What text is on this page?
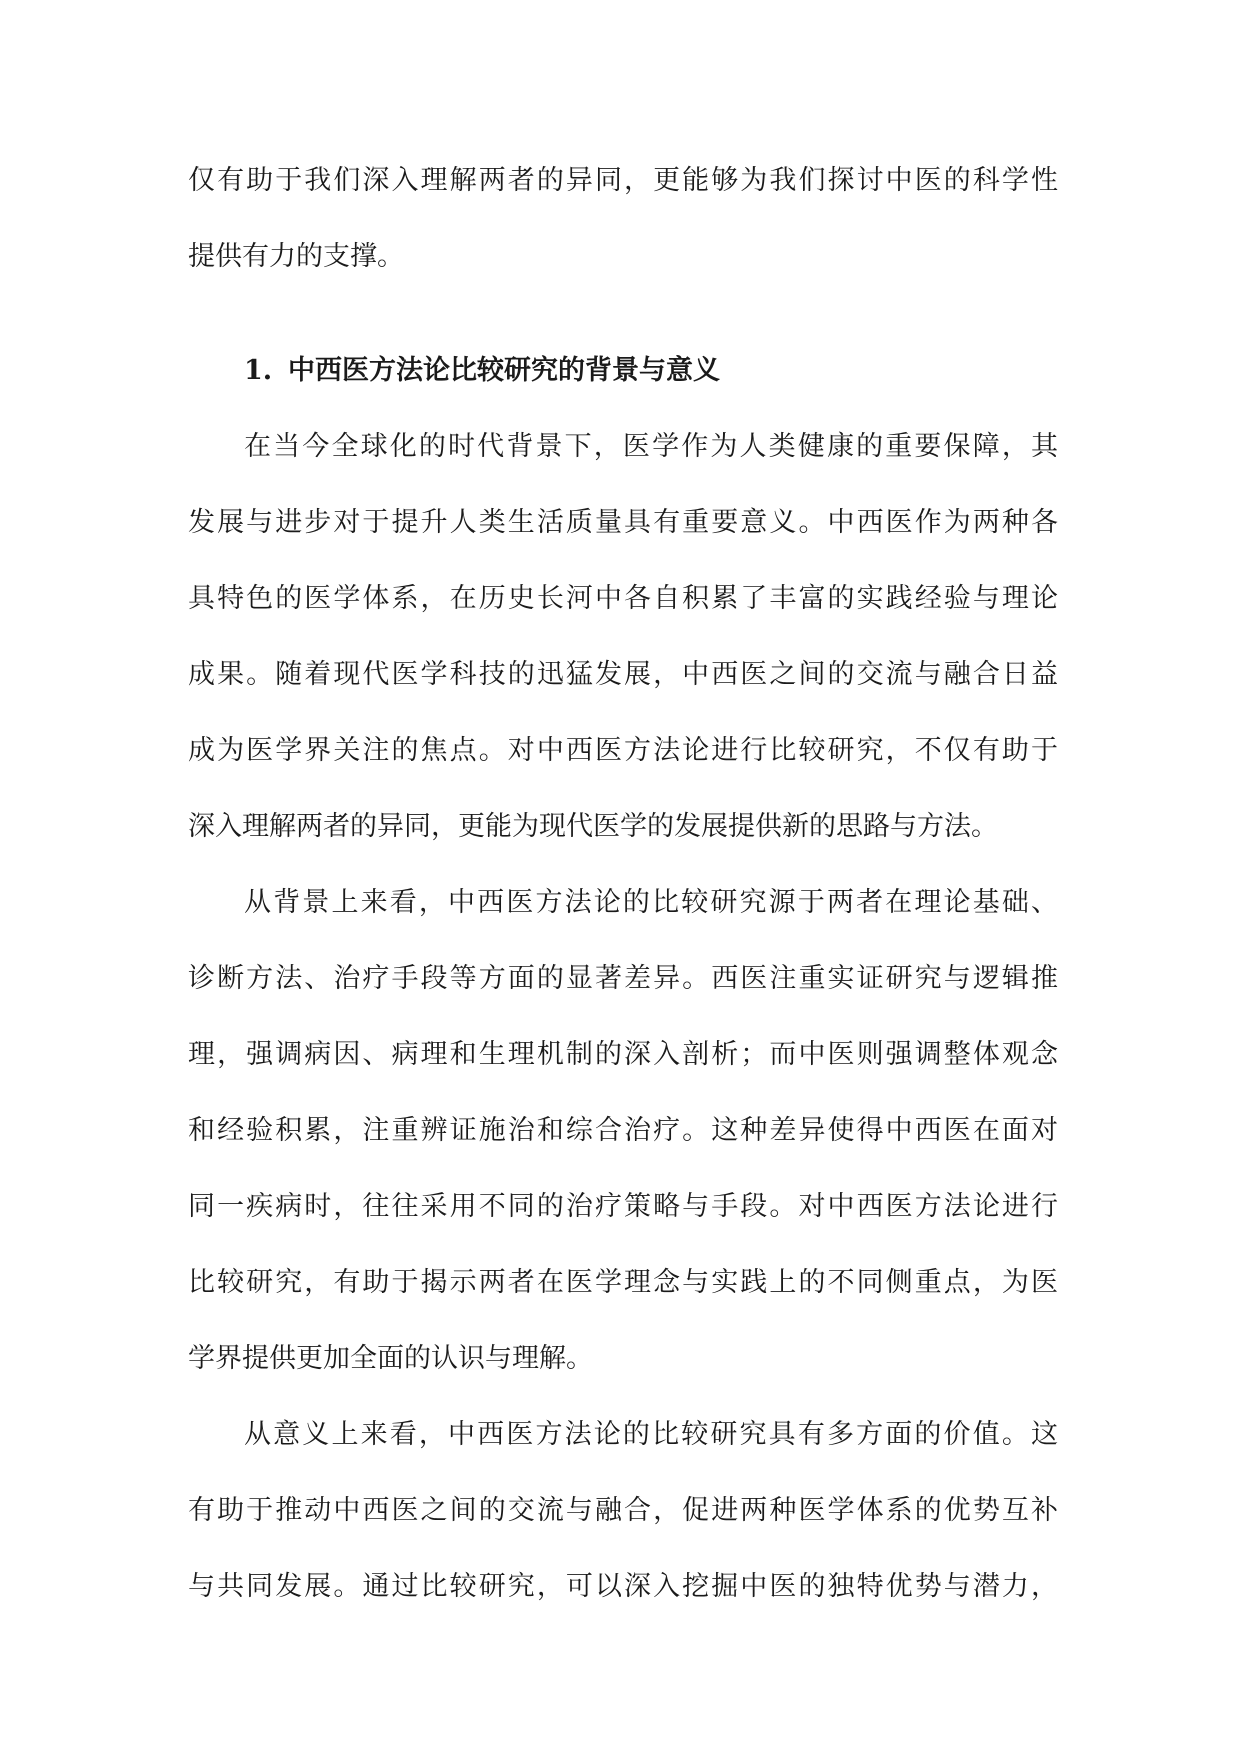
仅有助于我们深入理解两者的异同，更能够为我们探讨中医的科学性
提供有力的支撑。
1. 中西医方法论比较研究的背景与意义
在当今全球化的时代背景下，医学作为人类健康的重要保障，其
发展与进步对于提升人类生活质量具有重要意义。中西医作为两种各
具特色的医学体系，在历史长河中各自积累了丰富的实践经验与理论
成果。随着现代医学科技的迅猛发展，中西医之间的交流与融合日益
成为医学界关注的焦点。对中西医方法论进行比较研究，不仅有助于
深入理解两者的异同，更能为现代医学的发展提供新的思路与方法。
从背景上来看，中西医方法论的比较研究源于两者在理论基础、
诊断方法、治疗手段等方面的显著差异。西医注重实证研究与逻辑推
理，强调病因、病理和生理机制的深入剖析；而中医则强调整体观念
和经验积累，注重辨证施治和综合治疗。这种差异使得中西医在面对
同一疾病时，往往采用不同的治疗策略与手段。对中西医方法论进行
比较研究，有助于揭示两者在医学理念与实践上的不同侧重点，为医
学界提供更加全面的认识与理解。
从意义上来看，中西医方法论的比较研究具有多方面的价值。这
有助于推动中西医之间的交流与融合，促进两种医学体系的优势互补
与共同发展。通过比较研究，可以深入挖掘中医的独特优势与潜力，
